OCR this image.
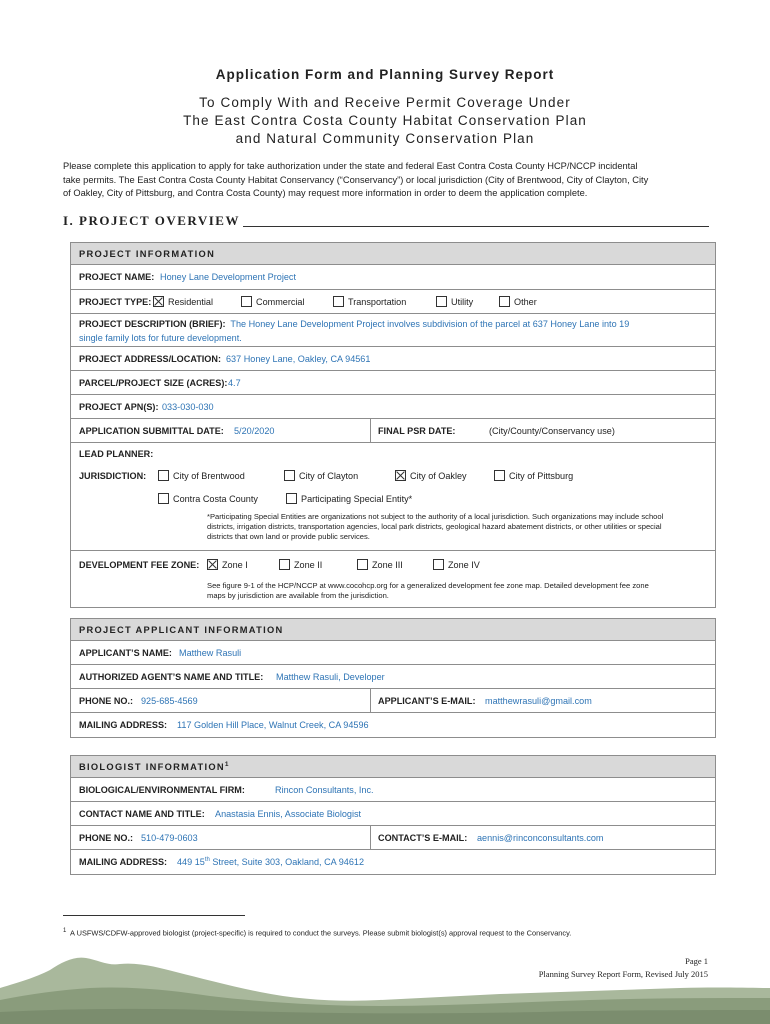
Application Form and Planning Survey Report
To Comply With and Receive Permit Coverage Under
The East Contra Costa County Habitat Conservation Plan
and Natural Community Conservation Plan
Please complete this application to apply for take authorization under the state and federal East Contra Costa County HCP/NCCP incidental
take permits. The East Contra Costa County Habitat Conservancy (“Conservancy”) or local jurisdiction (City of Brentwood, City of Clayton, City
of Oakley, City of Pittsburg, and Contra Costa County) may request more information in order to deem the application complete.
I. PROJECT OVERVIEW
PROJECT INFORMATION
PROJECT NAME: Honey Lane Development Project
PROJECT TYPE:	Residential	Commercial	Transportation	Utility	Other
PROJECT DESCRIPTION (BRIEF): The Honey Lane Development Project involves subdivision of the parcel at 637 Honey Lane into 19
single family lots for future development.
PROJECT ADDRESS/LOCATION: 637 Honey Lane, Oakley, CA 94561
PARCEL/PROJECT SIZE (ACRES): 4.7
PROJECT APN(S): 033-030-030
APPLICATION SUBMITTAL DATE: 5/20/2020	FINAL PSR DATE:	(City/County/Conservancy use)
LEAD PLANNER:
JURISDICTION:	City of Brentwood	City of Clayton	City of Oakley	City of Pittsburg
Contra Costa County	Participating Special Entity*
*Participating Special Entities are organizations not subject to the authority of a local jurisdiction. Such organizations may include school
districts, irrigation districts, transportation agencies, local park districts, geological hazard abatement districts, or other utilities or special
districts that own land or provide public services.
DEVELOPMENT FEE ZONE:	Zone I	Zone II	Zone III	Zone IV
See figure 9-1 of the HCP/NCCP at www.cocohcp.org for a generalized development fee zone map. Detailed development fee zone
maps by jurisdiction are available from the jurisdiction.
PROJECT APPLICANT INFORMATION
APPLICANT’S NAME: Matthew Rasuli
AUTHORIZED AGENT’S NAME AND TITLE: Matthew Rasuli, Developer
PHONE NO.: 925-685-4569	APPLICANT’S E-MAIL: matthewrasuli@gmail.com
MAILING ADDRESS: 117 Golden Hill Place, Walnut Creek, CA 94596
BIOLOGIST INFORMATION$^1$
BIOLOGICAL/ENVIRONMENTAL FIRM:	Rincon Consultants, Inc.
CONTACT NAME AND TITLE: Anastasia Ennis, Associate Biologist
PHONE NO.: 510-479-0603	CONTACT’S E-MAIL: aennis@rinconconsultants.com
MAILING ADDRESS: 449 15th Street, Suite 303, Oakland, CA 94612
$^1$ A USFWS/CDFW-approved biologist (project-specific) is required to conduct the surveys. Please submit biologist(s) approval request to the Conservancy.
Page 1
Planning Survey Report Form, Revised July 2015
